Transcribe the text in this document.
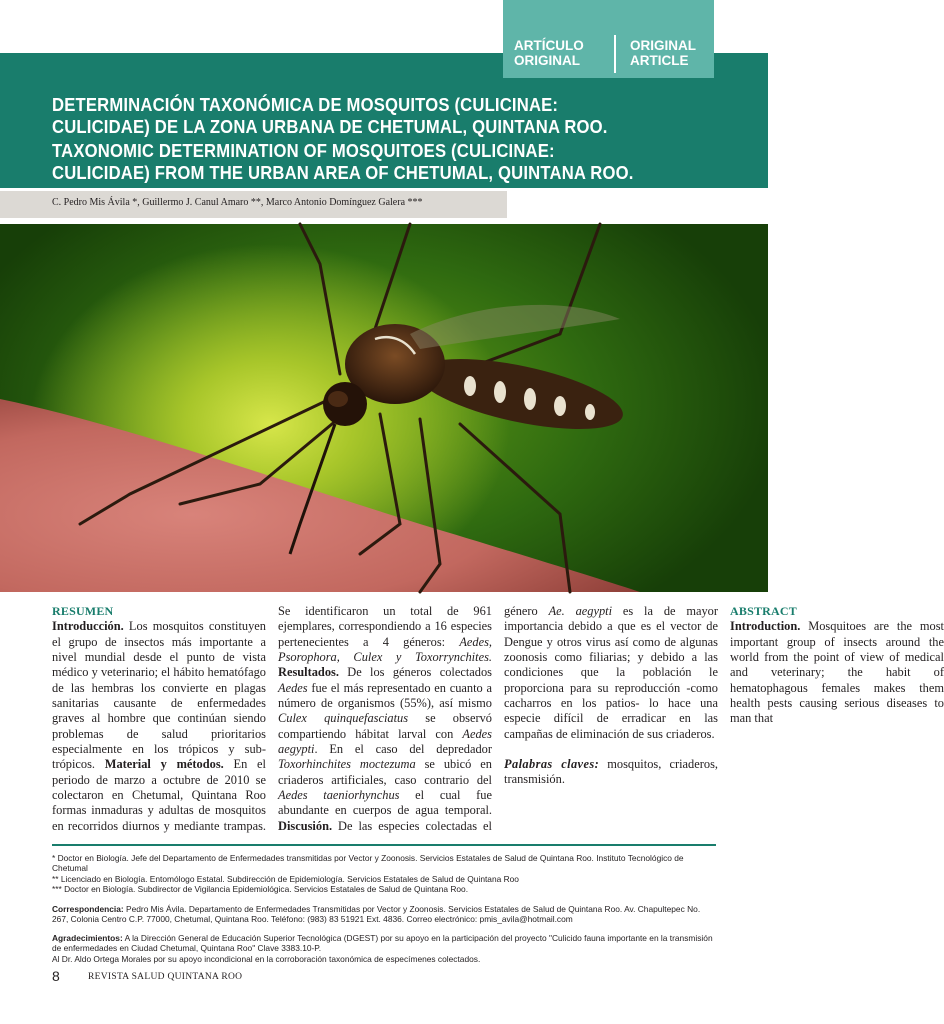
ARTÍCULO
ORIGINAL
ORIGINAL
ARTICLE
DETERMINACIÓN TAXONÓMICA DE MOSQUITOS (CULICINAE:
CULICIDAE) DE LA ZONA URBANA DE CHETUMAL, QUINTANA ROO.
TAXONOMIC DETERMINATION OF MOSQUITOES (CULICINAE:
CULICIDAE) FROM THE URBAN AREA OF CHETUMAL, QUINTANA ROO.
C. Pedro Mis Ávila *, Guillermo J. Canul Amaro **, Marco Antonio Domínguez Galera ***

RESUMEN

Introducción. Los mosquitos constituyen el grupo de insectos más importante a nivel mundial desde el punto de vista médico y veterinario; el hábito hematófago de las hembras los convierte en plagas sanitarias causante de enfermedades graves al hombre que continúan siendo problemas de salud prioritarios especialmente en los trópicos y sub-trópicos. Material y métodos. En el periodo de marzo a octubre de 2010 se colectaron en Chetumal, Quintana Roo formas inmaduras y adultas de mosquitos en recorridos diurnos y mediante trampas. Se identificaron un total de 961 ejemplares, correspondiendo a 16 especies pertenecientes a 4 géneros: Aedes, Psorophora, Culex y Toxorrynchites. Resultados. De los géneros colectados Aedes fue el más representado en cuanto a número de organismos (55%), así mismo Culex quinquefasciatus se observó compartiendo hábitat larval con Aedes aegypti. En el caso del depredador Toxorhinchites moctezuma se ubicó en criaderos artificiales, caso contrario del Aedes taeniorhynchus el cual fue abundante en cuerpos de agua temporal. Discusión. De las especies colectadas el género Ae. aegypti es la de mayor importancia debido a que es el vector de Dengue y otros virus así como de algunas zoonosis como filiarias; y debido a las condiciones que la población le proporciona para su reproducción -como cacharros en los patios- lo hace una especie difícil de erradicar en las campañas de eliminación de sus criaderos.

Palabras claves: mosquitos, criaderos, transmisión.

ABSTRACT

Introduction. Mosquitoes are the most important group of insects around the world from the point of view of medical and veterinary; the habit of hematophagous females makes them health pests causing serious diseases to man that

* Doctor en Biología. Jefe del Departamento de Enfermedades transmitidas por Vector y Zoonosis. Servicios Estatales de Salud de Quintana Roo. Instituto Tecnológico de Chetumal

** Licenciado en Biología. Entomólogo Estatal. Subdirección de Epidemiología. Servicios Estatales de Salud de Quintana Roo

*** Doctor en Biología. Subdirector de Vigilancia Epidemiológica. Servicios Estatales de Salud de Quintana Roo.

Correspondencia: Pedro Mis Ávila. Departamento de Enfermedades Transmitidas por Vector y Zoonosis. Servicios Estatales de Salud de Quintana Roo. Av. Chapultepec No. 267, Colonia Centro C.P. 77000, Chetumal, Quintana Roo. Teléfono: (983) 83 51921 Ext. 4836. Correo electrónico: pmis_avila@hotmail.com

Agradecimientos: A la Dirección General de Educación Superior Tecnológica (DGEST) por su apoyo en la participación del proyecto "Culicido fauna importante en la transmisión de enfermedades en Ciudad Chetumal, Quintana Roo" Clave 3383.10-P.

Al Dr. Aldo Ortega Morales por su apoyo incondicional en la corroboración taxonómica de especímenes colectados.

8	REVISTA SALUD QUINTANA ROO
